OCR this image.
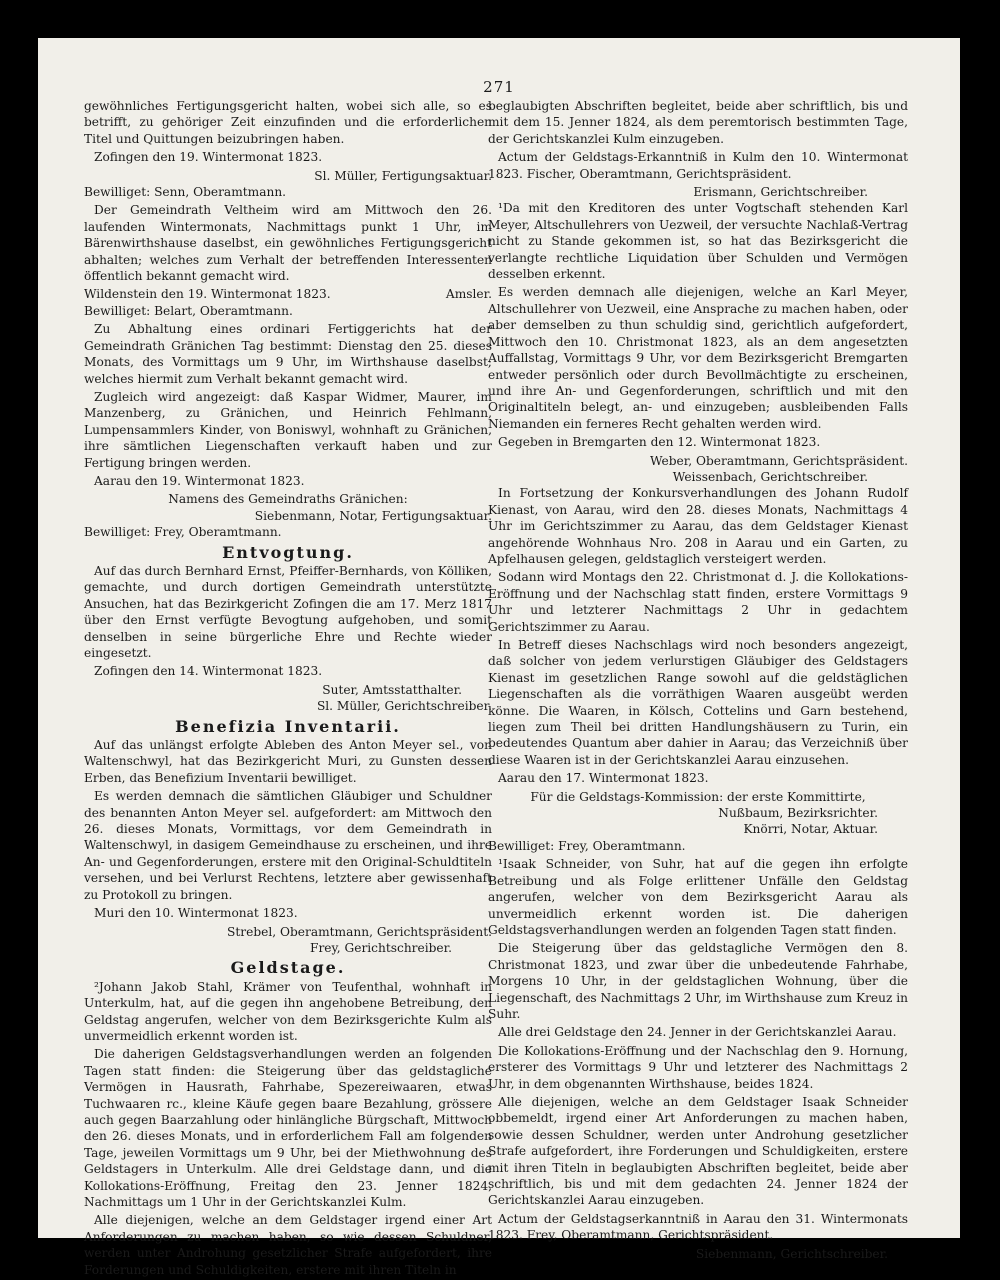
271

gewöhnliches Fertigungsgericht halten, wobei sich alle, so es betrifft, zu gehöriger Zeit einzufinden und die erforderlichen Titel und Quittungen beizubringen haben.

Zofingen den 19. Wintermonat 1823.

Sl. Müller, Fertigungsaktuar.

Bewilliget: Senn, Oberamtmann.

Der Gemeindrath Veltheim wird am Mittwoch den 26. laufenden Wintermonats, Nachmittags punkt 1 Uhr, im Bärenwirthshause daselbst, ein gewöhnliches Fertigungsgericht abhalten; welches zum Verhalt der betreffenden Interessenten öffentlich bekannt gemacht wird.

Wildenstein den 19. Wintermonat 1823.	Amsler.

Bewilliget: Belart, Oberamtmann.

Zu Abhaltung eines ordinari Fertiggerichts hat der Gemeindrath Gränichen Tag bestimmt: Dienstag den 25. dieses Monats, des Vormittags um 9 Uhr, im Wirthshause daselbst; welches hiermit zum Verhalt bekannt gemacht wird.

Zugleich wird angezeigt: daß Kaspar Widmer, Maurer, im Manzenberg, zu Gränichen, und Heinrich Fehlmann, Lumpensammlers Kinder, von Boniswyl, wohnhaft zu Gränichen, ihre sämtlichen Liegenschaften verkauft haben und zur Fertigung bringen werden.

Aarau den 19. Wintermonat 1823.

Namens des Gemeindraths Gränichen:

Siebenmann, Notar, Fertigungsaktuar.

Bewilliget: Frey, Oberamtmann.

Entvogtung.

Auf das durch Bernhard Ernst, Pfeiffer-Bernhards, von Kölliken, gemachte, und durch dortigen Gemeindrath unterstützte Ansuchen, hat das Bezirkgericht Zofingen die am 17. Merz 1817 über den Ernst verfügte Bevogtung aufgehoben, und somit denselben in seine bürgerliche Ehre und Rechte wieder eingesetzt.

Zofingen den 14. Wintermonat 1823.

Suter, Amtsstatthalter.

Sl. Müller, Gerichtschreiber.

Benefizia Inventarii.

Auf das unlängst erfolgte Ableben des Anton Meyer sel., von Waltenschwyl, hat das Bezirkgericht Muri, zu Gunsten dessen Erben, das Benefizium Inventarii bewilliget.

Es werden demnach die sämtlichen Gläubiger und Schuldner des benannten Anton Meyer sel. aufgefordert: am Mittwoch den 26. dieses Monats, Vormittags, vor dem Gemeindrath in Waltenschwyl, in dasigem Gemeindhause zu erscheinen, und ihre An- und Gegenforderungen, erstere mit den Original-Schuldtiteln versehen, und bei Verlurst Rechtens, letztere aber gewissenhaft zu Protokoll zu bringen.

Muri den 10. Wintermonat 1823.

Strebel, Oberamtmann, Gerichtspräsident.

Frey, Gerichtschreiber.

Geldstage.

²Johann Jakob Stahl, Krämer von Teufenthal, wohnhaft in Unterkulm, hat, auf die gegen ihn angehobene Betreibung, den Geldstag angerufen, welcher von dem Bezirksgerichte Kulm als unvermeidlich erkennt worden ist.

Die daherigen Geldstagsverhandlungen werden an folgenden Tagen statt finden: die Steigerung über das geldstagliche Vermögen in Hausrath, Fahrhabe, Spezereiwaaren, etwas Tuchwaaren rc., kleine Käufe gegen baare Bezahlung, grössere auch gegen Baarzahlung oder hinlängliche Bürgschaft, Mittwoch den 26. dieses Monats, und in erforderlichem Fall am folgenden Tage, jeweilen Vormittags um 9 Uhr, bei der Miethwohnung des Geldstagers in Unterkulm. Alle drei Geldstage dann, und die Kollokations-Eröffnung, Freitag den 23. Jenner 1824, Nachmittags um 1 Uhr in der Gerichtskanzlei Kulm.

Alle diejenigen, welche an dem Geldstager irgend einer Art Anforderungen zu machen haben, so wie dessen Schuldner, werden unter Androhung gesetzlicher Strafe aufgefordert, ihre Forderungen und Schuldigkeiten, erstere mit ihren Titeln in

beglaubigten Abschriften begleitet, beide aber schriftlich, bis und mit dem 15. Jenner 1824, als dem peremtorisch bestimmten Tage, der Gerichtskanzlei Kulm einzugeben.

Actum der Geldstags-Erkanntniß in Kulm den 10. Wintermonat 1823. Fischer, Oberamtmann, Gerichtspräsident.

Erismann, Gerichtschreiber.

¹Da mit den Kreditoren des unter Vogtschaft stehenden Karl Meyer, Altschullehrers von Uezweil, der versuchte Nachlaß-Vertrag nicht zu Stande gekommen ist, so hat das Bezirksgericht die verlangte rechtliche Liquidation über Schulden und Vermögen desselben erkennt.

Es werden demnach alle diejenigen, welche an Karl Meyer, Altschullehrer von Uezweil, eine Ansprache zu machen haben, oder aber demselben zu thun schuldig sind, gerichtlich aufgefordert, Mittwoch den 10. Christmonat 1823, als an dem angesetzten Auffallstag, Vormittags 9 Uhr, vor dem Bezirksgericht Bremgarten entweder persönlich oder durch Bevollmächtigte zu erscheinen, und ihre An- und Gegenforderungen, schriftlich und mit den Originaltiteln belegt, an- und einzugeben; ausbleibenden Falls Niemanden ein ferneres Recht gehalten werden wird.

Gegeben in Bremgarten den 12. Wintermonat 1823.

Weber, Oberamtmann, Gerichtspräsident.

Weissenbach, Gerichtschreiber.

In Fortsetzung der Konkursverhandlungen des Johann Rudolf Kienast, von Aarau, wird den 28. dieses Monats, Nachmittags 4 Uhr im Gerichtszimmer zu Aarau, das dem Geldstager Kienast angehörende Wohnhaus Nro. 208 in Aarau und ein Garten, zu Apfelhausen gelegen, geldstaglich versteigert werden.

Sodann wird Montags den 22. Christmonat d. J. die Kollokations-Eröffnung und der Nachschlag statt finden, erstere Vormittags 9 Uhr und letzterer Nachmittags 2 Uhr in gedachtem Gerichtszimmer zu Aarau.

In Betreff dieses Nachschlags wird noch besonders angezeigt, daß solcher von jedem verlurstigen Gläubiger des Geldstagers Kienast im gesetzlichen Range sowohl auf die geldstäglichen Liegenschaften als die vorräthigen Waaren ausgeübt werden könne. Die Waaren, in Kölsch, Cottelins und Garn bestehend, liegen zum Theil bei dritten Handlungshäusern zu Turin, ein bedeutendes Quantum aber dahier in Aarau; das Verzeichniß über diese Waaren ist in der Gerichtskanzlei Aarau einzusehen.

Aarau den 17. Wintermonat 1823.

Für die Geldstags-Kommission: der erste Kommittirte,

Nußbaum, Bezirksrichter.

Knörri, Notar, Aktuar.

Bewilliget: Frey, Oberamtmann.

¹Isaak Schneider, von Suhr, hat auf die gegen ihn erfolgte Betreibung und als Folge erlittener Unfälle den Geldstag angerufen, welcher von dem Bezirksgericht Aarau als unvermeidlich erkennt worden ist. Die daherigen Geldstagsverhandlungen werden an folgenden Tagen statt finden.

Die Steigerung über das geldstagliche Vermögen den 8. Christmonat 1823, und zwar über die unbedeutende Fahrhabe, Morgens 10 Uhr, in der geldstaglichen Wohnung, über die Liegenschaft, des Nachmittags 2 Uhr, im Wirthshause zum Kreuz in Suhr.

Alle drei Geldstage den 24. Jenner in der Gerichtskanzlei Aarau.

Die Kollokations-Eröffnung und der Nachschlag den 9. Hornung, ersterer des Vormittags 9 Uhr und letzterer des Nachmittags 2 Uhr, in dem obgenannten Wirthshause, beides 1824.

Alle diejenigen, welche an dem Geldstager Isaak Schneider obbemeldt, irgend einer Art Anforderungen zu machen haben, sowie dessen Schuldner, werden unter Androhung gesetzlicher Strafe aufgefordert, ihre Forderungen und Schuldigkeiten, erstere mit ihren Titeln in beglaubigten Abschriften begleitet, beide aber schriftlich, bis und mit dem gedachten 24. Jenner 1824 der Gerichtskanzlei Aarau einzugeben.

Actum der Geldstagserkanntniß in Aarau den 31. Wintermonats 1823. Frey, Oberamtmann, Gerichtspräsident.

Siebenmann, Gerichtschreiber.
